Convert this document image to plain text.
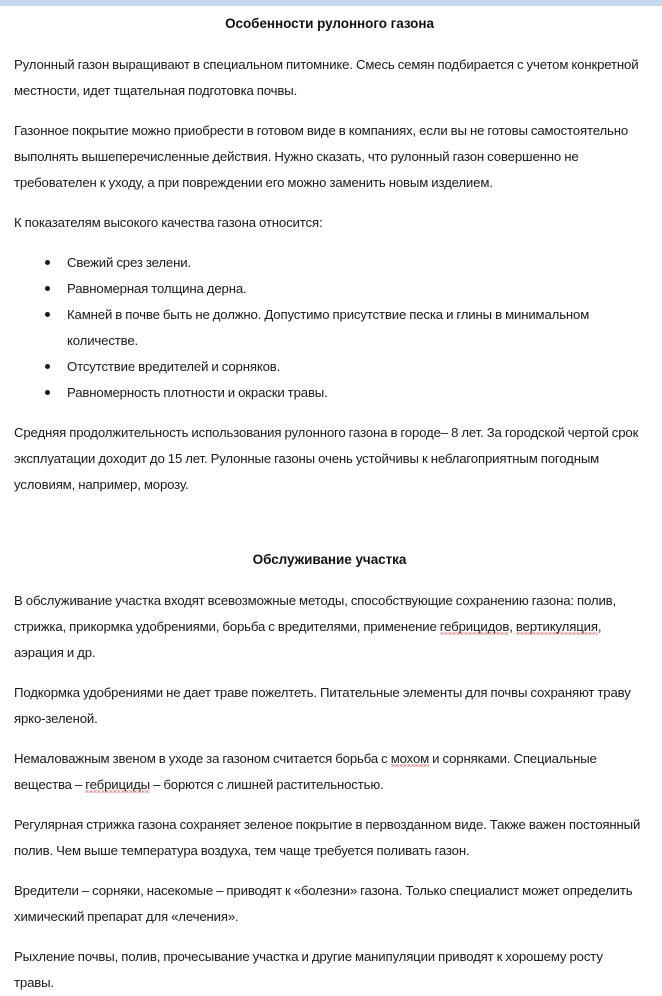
Особенности рулонного газона

Рулонный газон выращивают в специальном питомнике. Смесь семян подбирается с учетом конкретной местности, идет тщательная подготовка почвы.

Газонное покрытие можно приобрести в готовом виде в компаниях, если вы не готовы самостоятельно выполнять вышеперечисленные действия. Нужно сказать, что рулонный газон совершенно не требователен к уходу, а при повреждении его можно заменить новым изделием.

К показателям высокого качества газона относится:

Свежий срез зелени.
Равномерная толщина дерна.
Камней в почве быть не должно. Допустимо присутствие песка и глины в минимальном количестве.
Отсутствие вредителей и сорняков.
Равномерность плотности и окраски травы.

Средняя продолжительность использования рулонного газона в городе– 8 лет. За городской чертой срок эксплуатации доходит до 15 лет. Рулонные газоны очень устойчивы к неблагоприятным погодным условиям, например, морозу.

Обслуживание участка

В обслуживание участка входят всевозможные методы, способствующие сохранению газона: полив, стрижка, прикормка удобрениями, борьба с вредителями, применение гебрицидов, вертикуляция, аэрация и др.

Подкормка удобрениями не дает траве пожелтеть. Питательные элементы для почвы сохраняют траву ярко-зеленой.

Немаловажным звеном в уходе за газоном считается борьба с мохом и сорняками. Специальные вещества – гебрициды – борются с лишней растительностью.

Регулярная стрижка газона сохраняет зеленое покрытие в первозданном виде. Также важен постоянный полив. Чем выше температура воздуха, тем чаще требуется поливать газон.

Вредители – сорняки, насекомые – приводят к «болезни» газона. Только специалист может определить химический препарат для «лечения».

Рыхление почвы, полив, прочесывание участка и другие манипуляции приводят к хорошему росту травы.
